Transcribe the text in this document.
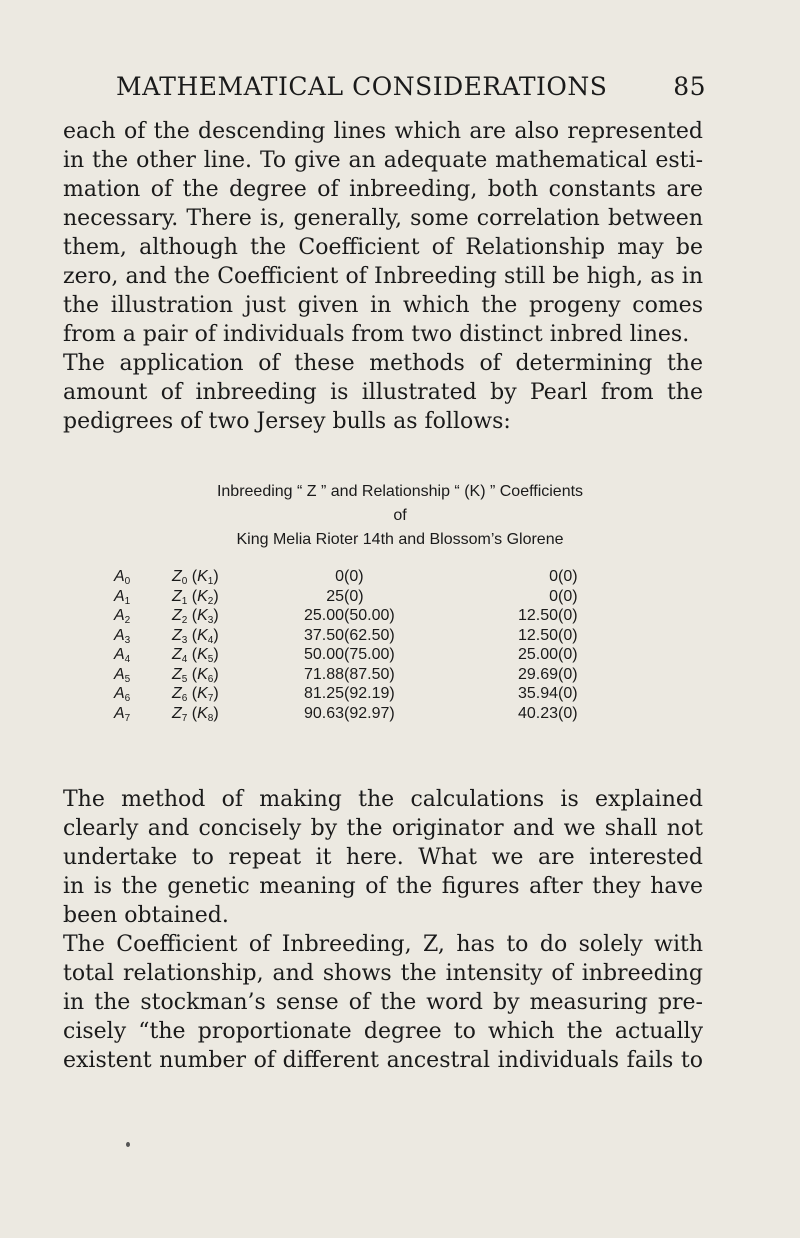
MATHEMATICAL CONSIDERATIONS	85
each of the descending lines which are also represented
in the other line. To give an adequate mathematical esti-
mation of the degree of inbreeding, both constants are
necessary. There is, generally, some correlation between
them, although the Coefficient of Relationship may be
zero, and the Coefficient of Inbreeding still be high, as in
the illustration just given in which the progeny comes
from a pair of individuals from two distinct inbred lines.
The application of these methods of determining the
amount of inbreeding is illustrated by Pearl from the
pedigrees of two Jersey bulls as follows:
Inbreeding “ Z ” and Relationship “ (K) ” Coefficients
of
King Melia Rioter 14th and Blossom’s Glorene
$A_0$	$Z_0$ $(K_1)$	0	(0)	0	(0)
$A_1$	$Z_1$ $(K_2)$	25	(0)	0	(0)
$A_2$	$Z_2$ $(K_3)$	25.00	(50.00)	12.50	(0)
$A_3$	$Z_3$ $(K_4)$	37.50	(62.50)	12.50	(0)
$A_4$	$Z_4$ $(K_5)$	50.00	(75.00)	25.00	(0)
$A_5$	$Z_5$ $(K_6)$	71.88	(87.50)	29.69	(0)
$A_6$	$Z_6$ $(K_7)$	81.25	(92.19)	35.94	(0)
$A_7$	$Z_7$ $(K_8)$	90.63	(92.97)	40.23	(0)
The method of making the calculations is explained
clearly and concisely by the originator and we shall not
undertake to repeat it here. What we are interested
in is the genetic meaning of the figures after they have
been obtained.
The Coefficient of Inbreeding, Z, has to do solely with
total relationship, and shows the intensity of inbreeding
in the stockman’s sense of the word by measuring pre-
cisely “the proportionate degree to which the actually
existent number of different ancestral individuals fails to
